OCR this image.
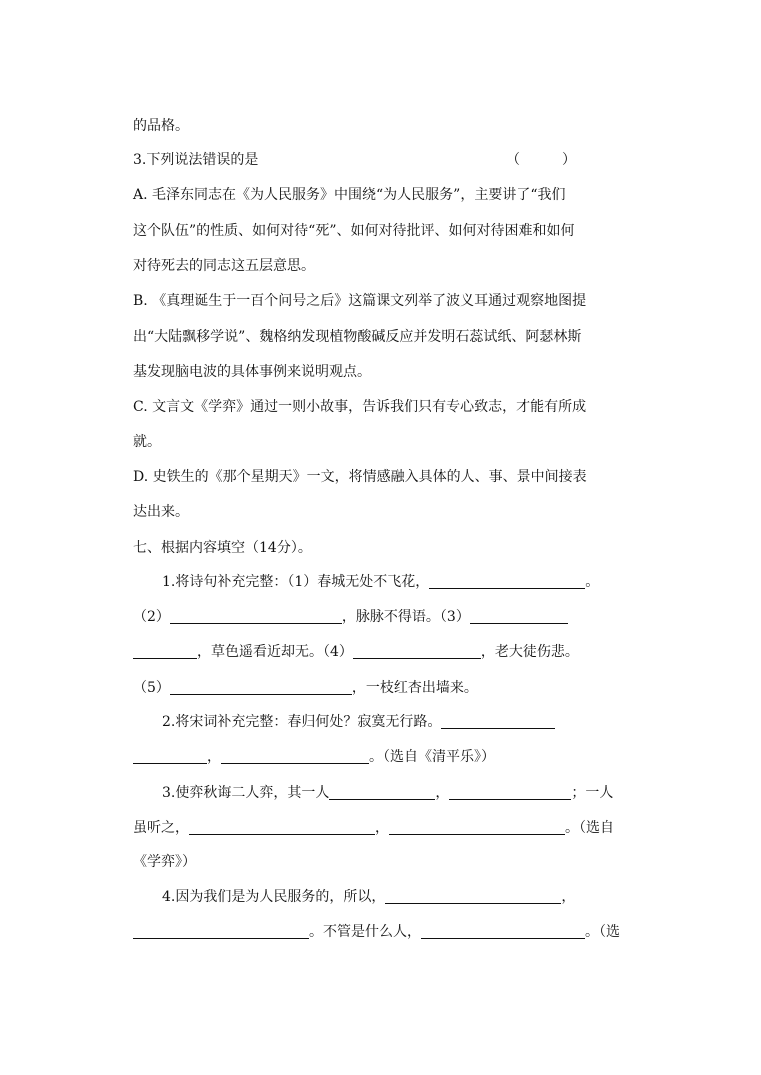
的品格。
3.下列说法错误的是	（　　　）
A. 毛泽东同志在《为人民服务》中围绕“为人民服务”，主要讲了“我们
这个队伍”的性质、如何对待“死”、如何对待批评、如何对待困难和如何
对待死去的同志这五层意思。
B. 《真理诞生于一百个问号之后》这篇课文列举了波义耳通过观察地图提
出“大陆飘移学说”、魏格纳发现植物酸碱反应并发明石蕊试纸、阿瑟林斯
基发现脑电波的具体事例来说明观点。
C. 文言文《学弈》通过一则小故事，告诉我们只有专心致志，才能有所成
就。
D. 史铁生的《那个星期天》一文，将情感融入具体的人、事、景中间接表
达出来。
七、根据内容填空（14分）。
1.将诗句补充完整：（1）春城无处不飞花，	。
（2）	，脉脉不得语。（3）
，草色遥看近却无。（4）	，老大徒伤悲。
（5）	，一枝红杏出墙来。
2.将宋词补充完整：春归何处？寂寞无行路。
，	。（选自《清平乐》）
3.使弈秋诲二人弈，其一人	，	；一人
虽听之，	，	。（选自
《学弈》）
4.因为我们是为人民服务的，所以，	，
。不管是什么人，	。（选
